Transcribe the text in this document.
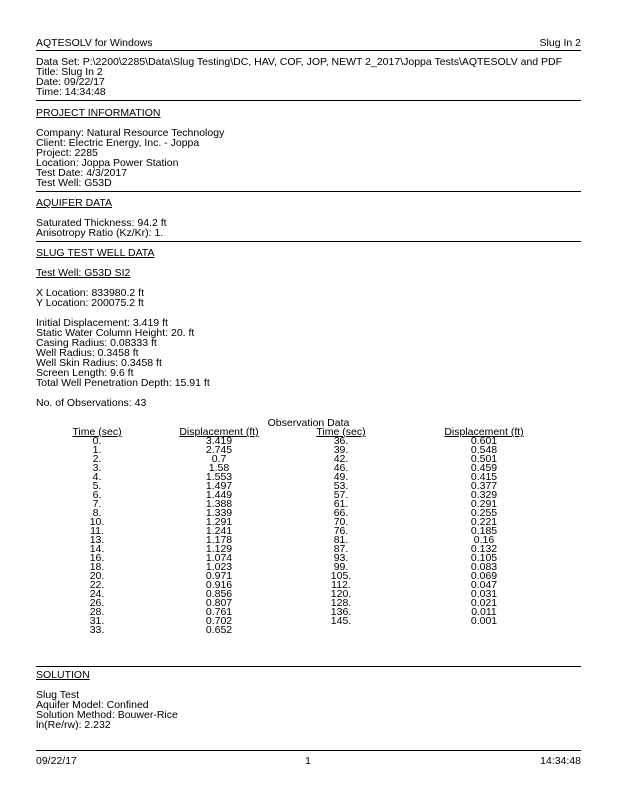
AQTESOLV for Windows	Slug In 2
Data Set: P:\2200\2285\Data\Slug Testing\DC, HAV, COF, JOP, NEWT 2_2017\Joppa Tests\AQTESOLV and PDF
Title: Slug In 2
Date: 09/22/17
Time: 14:34:48
PROJECT INFORMATION
Company: Natural Resource Technology
Client: Electric Energy, Inc. - Joppa
Project: 2285
Location: Joppa Power Station
Test Date: 4/3/2017
Test Well: G53D
AQUIFER DATA
Saturated Thickness: 94.2 ft
Anisotropy Ratio (Kz/Kr): 1.
SLUG TEST WELL DATA
Test Well: G53D SI2
X Location: 833980.2 ft
Y Location: 200075.2 ft
Initial Displacement: 3.419 ft
Static Water Column Height: 20. ft
Casing Radius: 0.08333 ft
Well Radius: 0.3458 ft
Well Skin Radius: 0.3458 ft
Screen Length: 9.6 ft
Total Well Penetration Depth: 15.91 ft
No. of Observations: 43
Observation Data
Time (sec)	Displacement (ft)	Time (sec)	Displacement (ft)
0.	3.419	36.	0.601
1.	2.745	39.	0.548
2.	0.7	42.	0.501
3.	1.58	46.	0.459
4.	1.553	49.	0.415
5.	1.497	53.	0.377
6.	1.449	57.	0.329
7.	1.388	61.	0.291
8.	1.339	66.	0.255
10.	1.291	70.	0.221
11.	1.241	76.	0.185
13.	1.178	81.	0.16
14.	1.129	87.	0.132
16.	1.074	93.	0.105
18.	1.023	99.	0.083
20.	0.971	105.	0.069
22.	0.916	112.	0.047
24.	0.856	120.	0.031
26.	0.807	128.	0.021
28.	0.761	136.	0.011
31.	0.702	145.	0.001
33.	0.652		
SOLUTION
Slug Test
Aquifer Model: Confined
Solution Method: Bouwer-Rice
ln(Re/rw): 2.232
09/22/17	1	14:34:48
